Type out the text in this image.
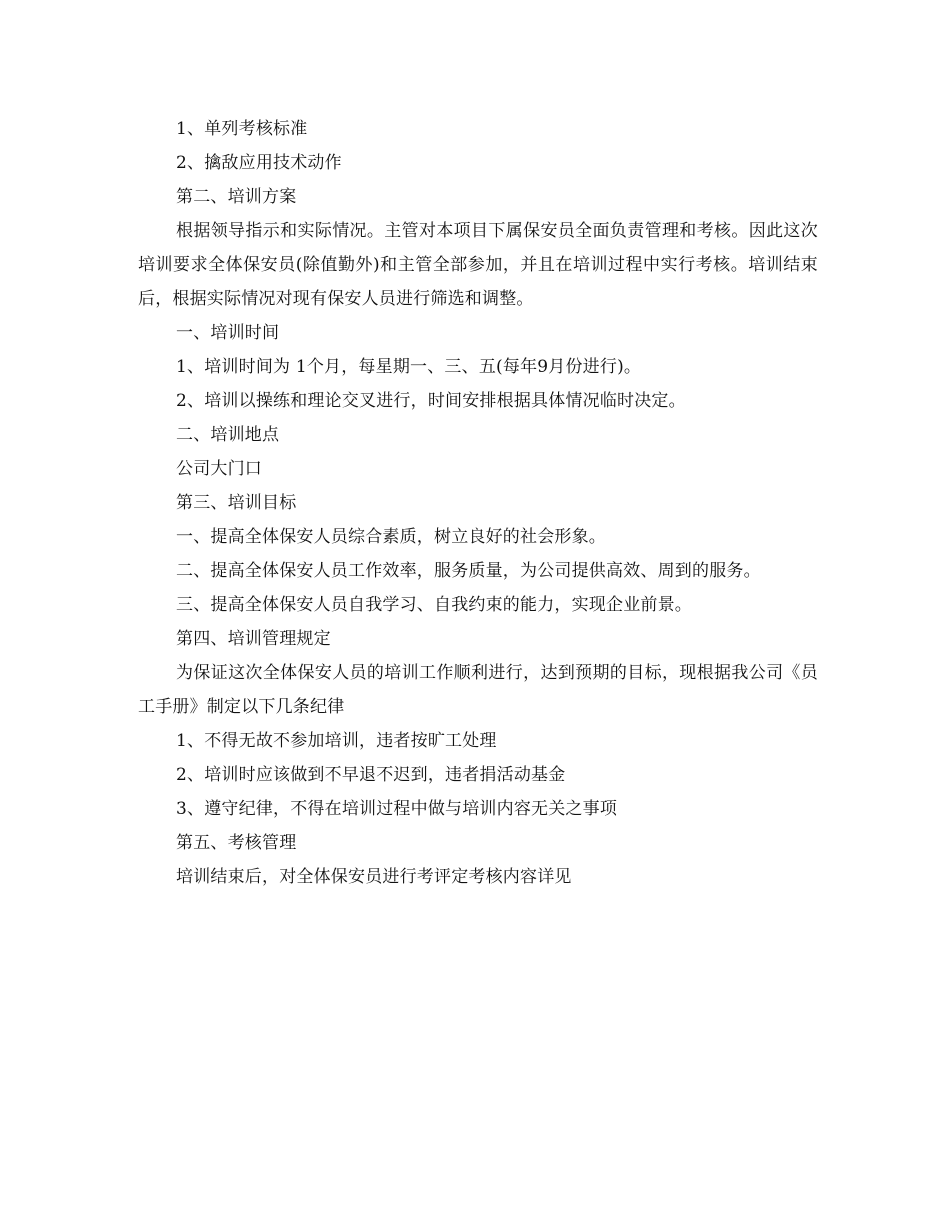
1、单列考核标准

2、擒敌应用技术动作

第二、培训方案

根据领导指示和实际情况。主管对本项目下属保安员全面负责管理和考核。因此这次培训要求全体保安员(除值勤外)和主管全部参加，并且在培训过程中实行考核。培训结束后，根据实际情况对现有保安人员进行筛选和调整。

一、培训时间

1、培训时间为 1个月，每星期一、三、五(每年9月份进行)。

2、培训以操练和理论交叉进行，时间安排根据具体情况临时决定。

二、培训地点

公司大门口

第三、培训目标

一、提高全体保安人员综合素质，树立良好的社会形象。

二、提高全体保安人员工作效率，服务质量，为公司提供高效、周到的服务。

三、提高全体保安人员自我学习、自我约束的能力，实现企业前景。

第四、培训管理规定

为保证这次全体保安人员的培训工作顺利进行，达到预期的目标，现根据我公司《员工手册》制定以下几条纪律

1、不得无故不参加培训，违者按旷工处理

2、培训时应该做到不早退不迟到，违者捐活动基金

3、遵守纪律，不得在培训过程中做与培训内容无关之事项

第五、考核管理

培训结束后，对全体保安员进行考评定考核内容详见
